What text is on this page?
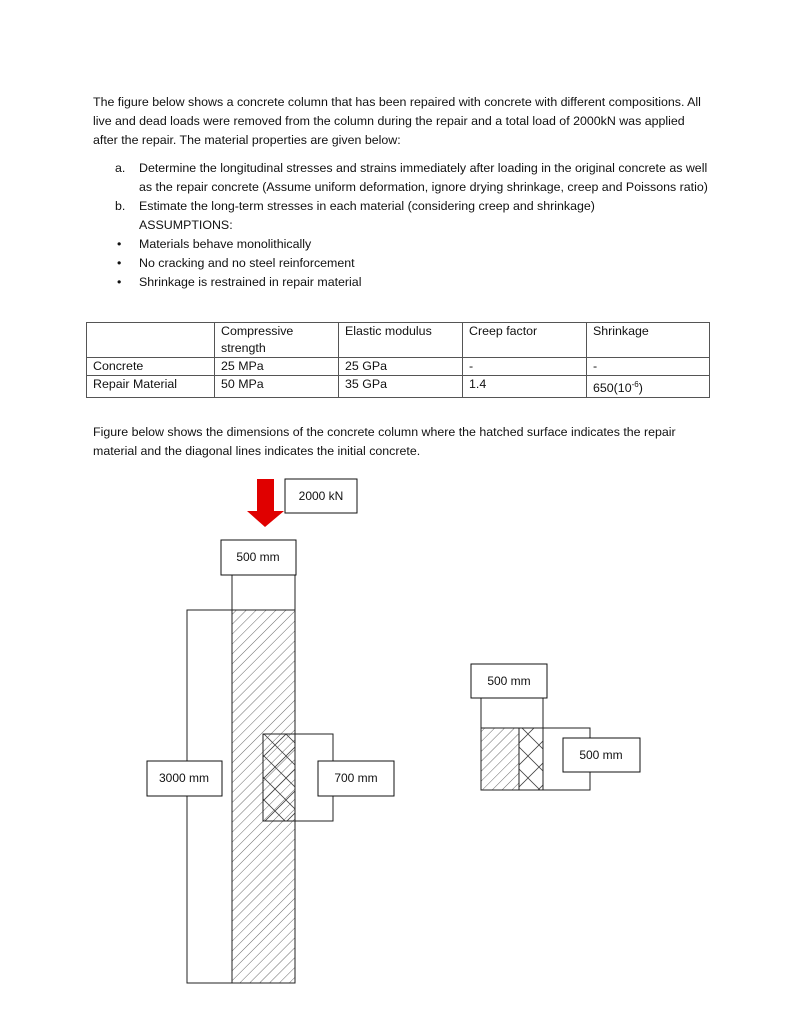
The figure below shows a concrete column that has been repaired with concrete with different compositions. All live and dead loads were removed from the column during the repair and a total load of 2000kN was applied after the repair. The material properties are given below:
a. Determine the longitudinal stresses and strains immediately after loading in the original concrete as well as the repair concrete (Assume uniform deformation, ignore drying shrinkage, creep and Poissons ratio)
b. Estimate the long-term stresses in each material (considering creep and shrinkage)
ASSUMPTIONS:
• Materials behave monolithically
• No cracking and no steel reinforcement
• Shrinkage is restrained in repair material
	Compressive strength	Elastic modulus	Creep factor	Shrinkage
Concrete	25 MPa	25 GPa	-	-
Repair Material	50 MPa	35 GPa	1.4	$650(10^{-6})$
Figure below shows the dimensions of the concrete column where the hatched surface indicates the repair material and the diagonal lines indicates the initial concrete.
2000 kN
500 mm
3000 mm	700 mm
500 mm
500 mm
